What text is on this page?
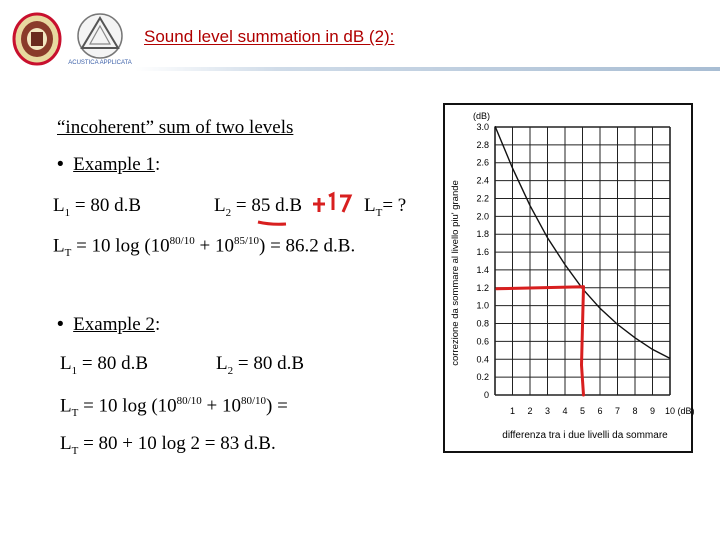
ACUSTICA APPLICATA
Sound level summation in dB (2):
“incoherent” sum of two levels
• Example 1:
$L_1 = 80$ d.B	$L_2 = 85$ d.B	$L_T=$ ?
$L_T = 10$ $\log (10^{80/10} + 10^{85/10}) = 86.2$ d.B.
• Example 2:
$L_1 = 80$ d.B	$L_2 = 80$ d.B
$L_T = 10$ $\log (10^{80/10} + 10^{80/10})$ =
$L_T = 80 + 10$ log 2 = 83 d.B.
3.0
2.8
2.6
2.4
2.2
2.0
1.8
1.6
1.4
1.2
1.0
0.8
0.6
0.4
0.2
0
1 2 3 4 5 6 7 8 9
(dB)
10 (dB)
differenza tra i due livelli da sommare
correzione da sommare al livello piu' grande
